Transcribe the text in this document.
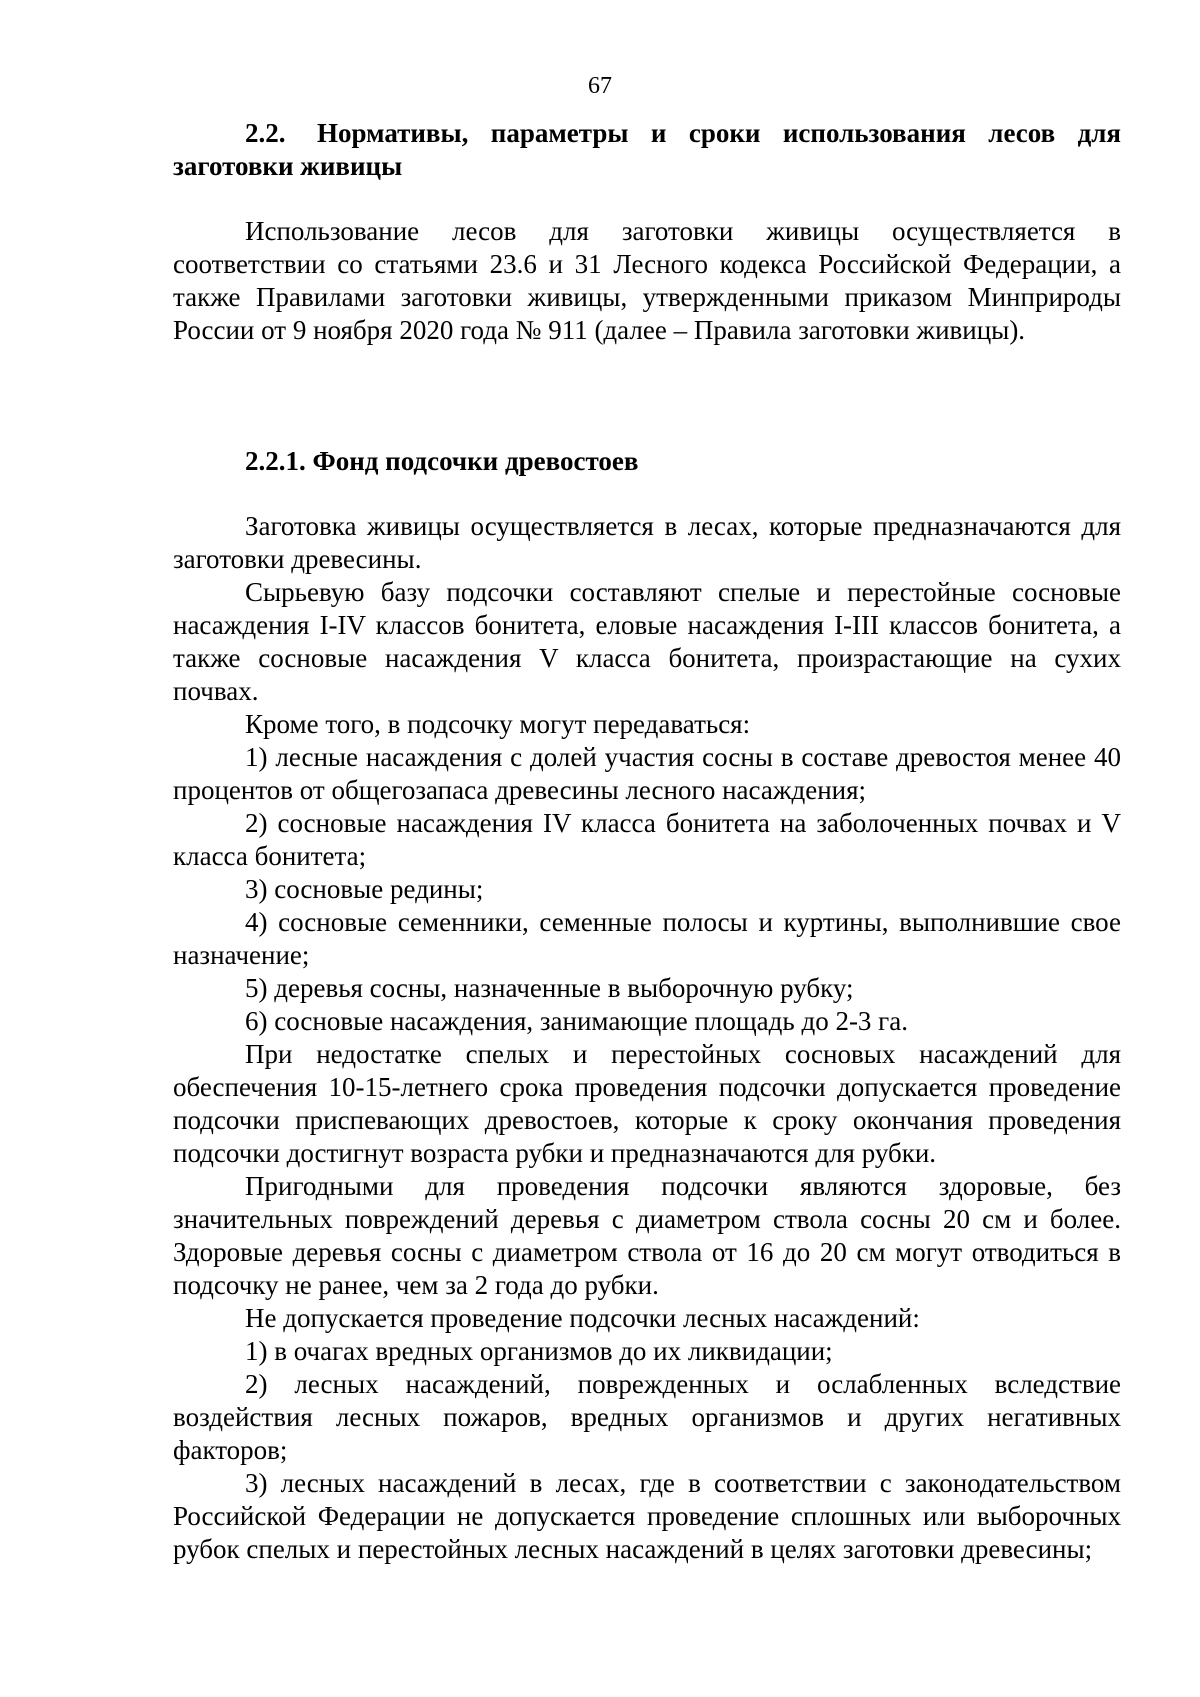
67
2.2. Нормативы, параметры и сроки использования лесов для заготовки живицы

Использование лесов для заготовки живицы осуществляется в соответствии со статьями 23.6 и 31 Лесного кодекса Российской Федерации, а также Правилами заготовки живицы, утвержденными приказом Минприроды России от 9 ноября 2020 года № 911 (далее – Правила заготовки живицы).

2.2.1. Фонд подсочки древостоев

Заготовка живицы осуществляется в лесах, которые предназначаются для заготовки древесины.

Сырьевую базу подсочки составляют спелые и перестойные сосновые насаждения I-IV классов бонитета, еловые насаждения I-III классов бонитета, а также сосновые насаждения V класса бонитета, произрастающие на сухих почвах.

Кроме того, в подсочку могут передаваться:

1) лесные насаждения с долей участия сосны в составе древостоя менее 40 процентов от общегозапаса древесины лесного насаждения;

2) сосновые насаждения IV класса бонитета на заболоченных почвах и V класса бонитета;

3) сосновые редины;

4) сосновые семенники, семенные полосы и куртины, выполнившие свое назначение;

5) деревья сосны, назначенные в выборочную рубку;

6) сосновые насаждения, занимающие площадь до 2-3 га.

При недостатке спелых и перестойных сосновых насаждений для обеспечения 10-15-летнего срока проведения подсочки допускается проведение подсочки приспевающих древостоев, которые к сроку окончания проведения подсочки достигнут возраста рубки и предназначаются для рубки.

Пригодными для проведения подсочки являются здоровые, без значительных повреждений деревья с диаметром ствола сосны 20 см и более. Здоровые деревья сосны с диаметром ствола от 16 до 20 см могут отводиться в подсочку не ранее, чем за 2 года до рубки.

Не допускается проведение подсочки лесных насаждений:

1) в очагах вредных организмов до их ликвидации;

2) лесных насаждений, поврежденных и ослабленных вследствие воздействия лесных пожаров, вредных организмов и других негативных факторов;

3) лесных насаждений в лесах, где в соответствии с законодательством Российской Федерации не допускается проведение сплошных или выборочных рубок спелых и перестойных лесных насаждений в целях заготовки древесины;
